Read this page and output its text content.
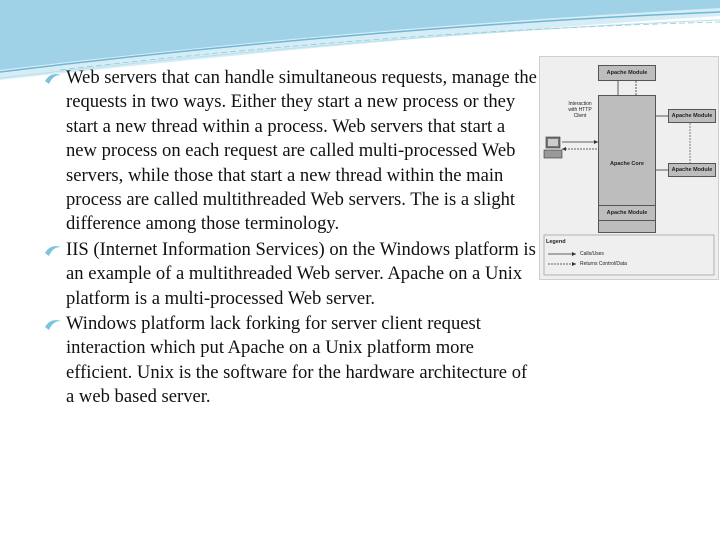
Web servers that can handle simultaneous requests, manage the requests in two ways. Either they start a new process or they start a new thread within a process. Web servers that start a new process on each request are called multi-processed Web servers, while those that start a new thread within the main process are called multithreaded Web servers. The is a slight difference among those terminology.
IIS (Internet Information Services) on the Windows platform is an example of a multithreaded Web server. Apache on a Unix platform is a multi-processed Web server.
Windows platform lack forking for server client request interaction which put Apache on a Unix platform more efficient. Unix is the software for the hardware architecture of a web based server.
Apache Module
Apache Core
Apache Module
Apache Module
Apache Module
Interaction with HTTP Client
Legend
Calls/Uses
Returns Control/Data
